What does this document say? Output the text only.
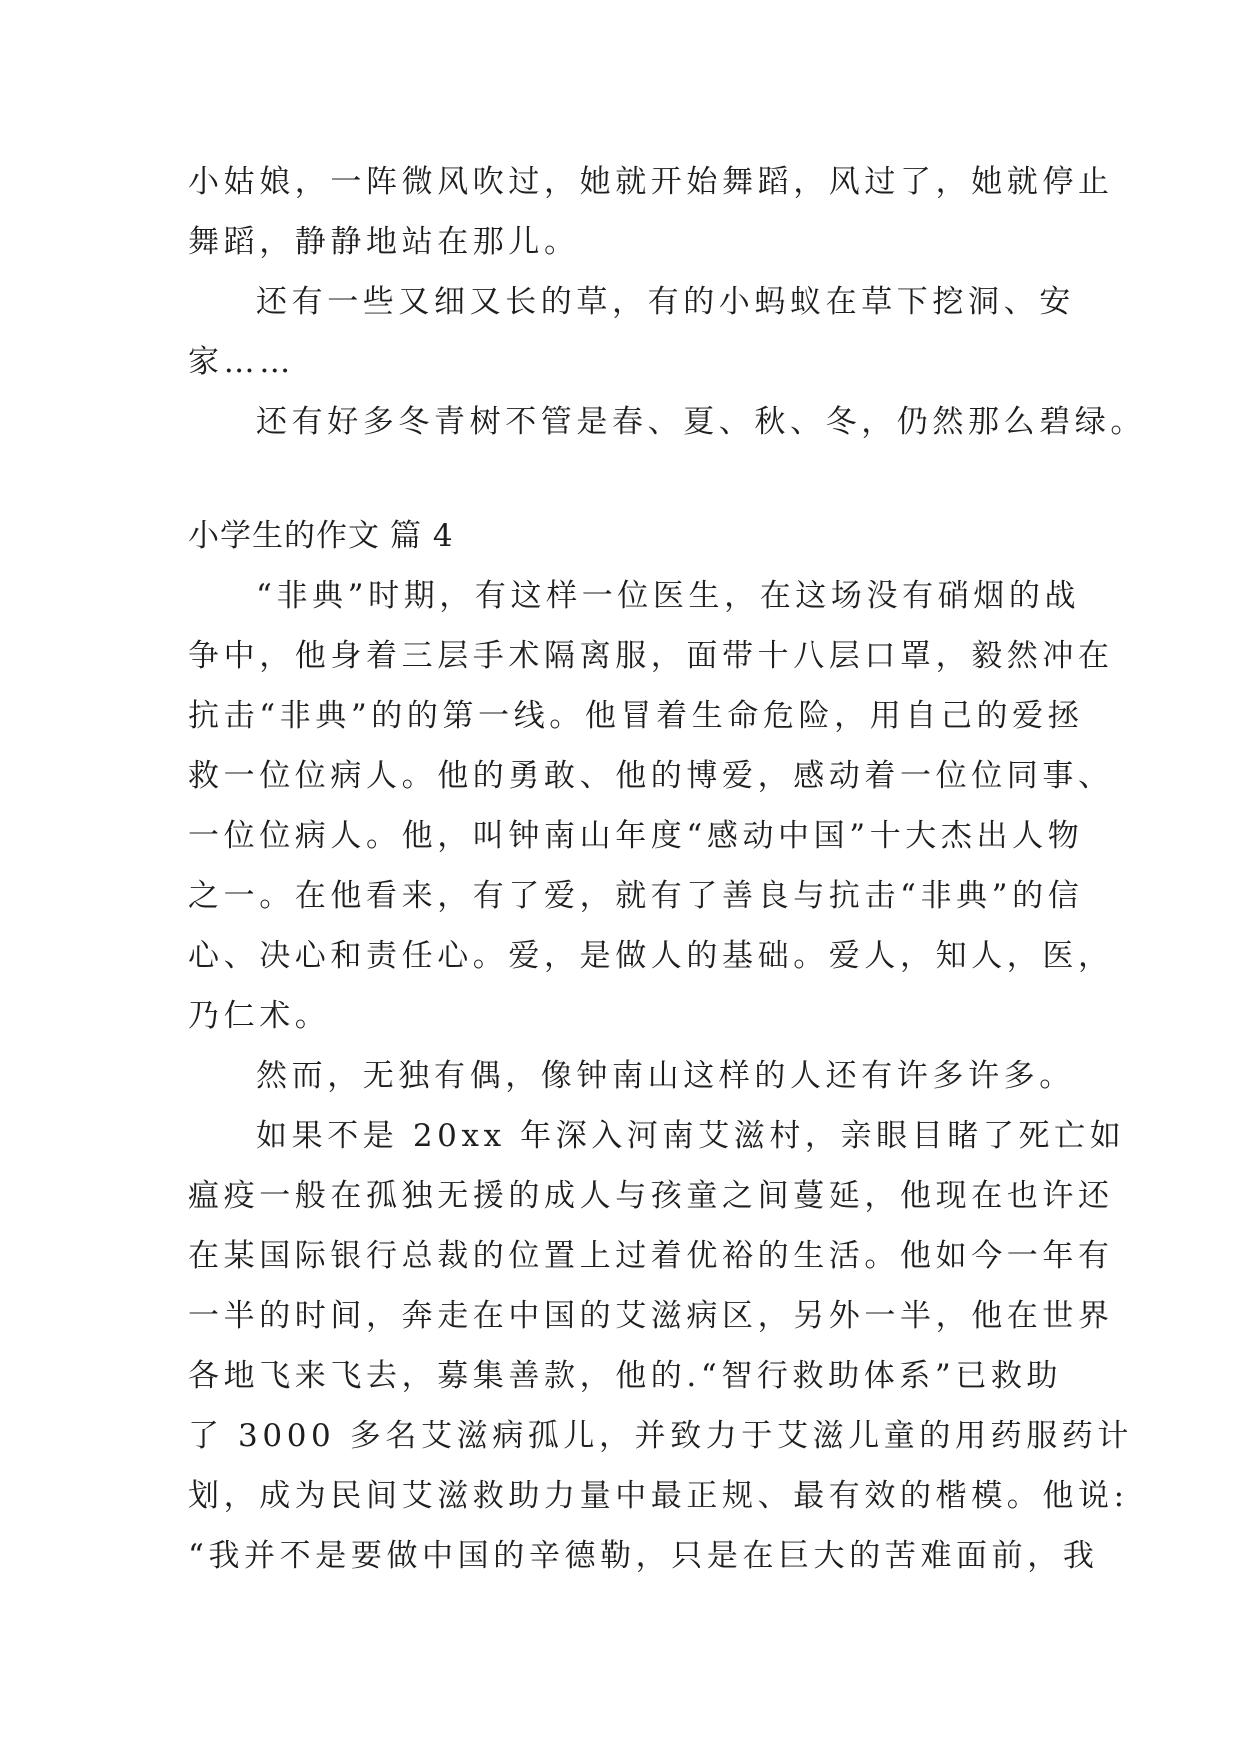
小姑娘，一阵微风吹过，她就开始舞蹈，风过了，她就停止
舞蹈，静静地站在那儿。
还有一些又细又长的草，有的小蚂蚁在草下挖洞、安
家……
还有好多冬青树不管是春、夏、秋、冬，仍然那么碧绿。
小学生的作文 篇 4
“非典”时期，有这样一位医生，在这场没有硝烟的战
争中，他身着三层手术隔离服，面带十八层口罩，毅然冲在
抗击“非典”的的第一线。他冒着生命危险，用自己的爱拯
救一位位病人。他的勇敢、他的博爱，感动着一位位同事、
一位位病人。他，叫钟南山年度“感动中国”十大杰出人物
之一。在他看来，有了爱，就有了善良与抗击“非典”的信
心、决心和责任心。爱，是做人的基础。爱人，知人，医，
乃仁术。
然而，无独有偶，像钟南山这样的人还有许多许多。
如果不是 20xx 年深入河南艾滋村，亲眼目睹了死亡如
瘟疫一般在孤独无援的成人与孩童之间蔓延，他现在也许还
在某国际银行总裁的位置上过着优裕的生活。他如今一年有
一半的时间，奔走在中国的艾滋病区，另外一半，他在世界
各地飞来飞去，募集善款，他的.“智行救助体系”已救助
了 3000 多名艾滋病孤儿，并致力于艾滋儿童的用药服药计
划，成为民间艾滋救助力量中最正规、最有效的楷模。他说:
“我并不是要做中国的辛德勒，只是在巨大的苦难面前，我
